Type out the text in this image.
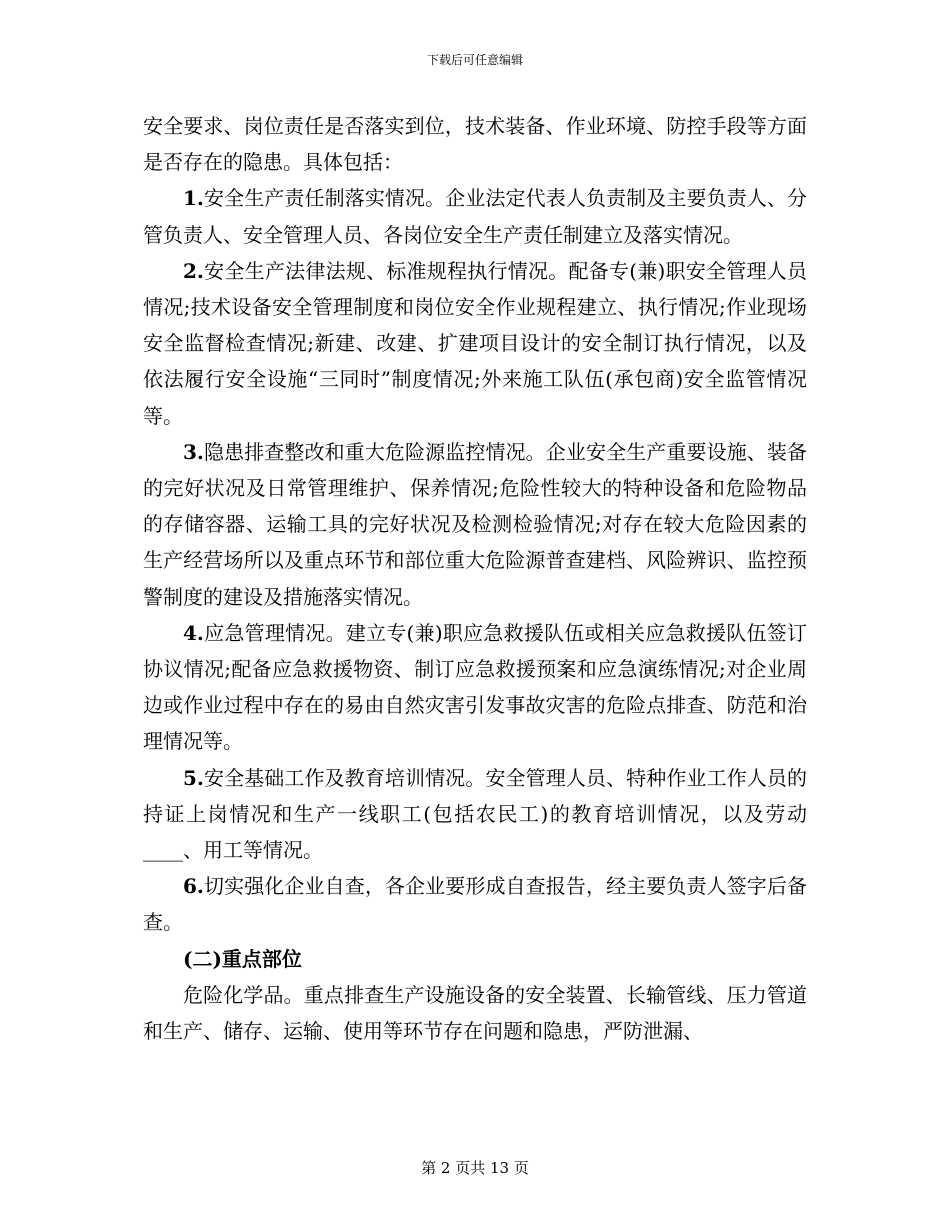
下载后可任意编辑

安全要求、岗位责任是否落实到位，技术装备、作业环境、防控手段等方面是否存在的隐患。具体包括：

1.安全生产责任制落实情况。企业法定代表人负责制及主要负责人、分管负责人、安全管理人员、各岗位安全生产责任制建立及落实情况。

2.安全生产法律法规、标准规程执行情况。配备专(兼)职安全管理人员情况;技术设备安全管理制度和岗位安全作业规程建立、执行情况;作业现场安全监督检查情况;新建、改建、扩建项目设计的安全制订执行情况，以及依法履行安全设施“三同时”制度情况;外来施工队伍(承包商)安全监管情况等。

3.隐患排查整改和重大危险源监控情况。企业安全生产重要设施、装备的完好状况及日常管理维护、保养情况;危险性较大的特种设备和危险物品的存储容器、运输工具的完好状况及检测检验情况;对存在较大危险因素的生产经营场所以及重点环节和部位重大危险源普查建档、风险辨识、监控预警制度的建设及措施落实情况。

4.应急管理情况。建立专(兼)职应急救援队伍或相关应急救援队伍签订协议情况;配备应急救援物资、制订应急救援预案和应急演练情况;对企业周边或作业过程中存在的易由自然灾害引发事故灾害的危险点排查、防范和治理情况等。

5.安全基础工作及教育培训情况。安全管理人员、特种作业工作人员的持证上岗情况和生产一线职工(包括农民工)的教育培训情况，以及劳动____、用工等情况。

6.切实强化企业自查，各企业要形成自查报告，经主要负责人签字后备查。

(二)重点部位

危险化学品。重点排查生产设施设备的安全装置、长输管线、压力管道和生产、储存、运输、使用等环节存在问题和隐患，严防泄漏、

第 2 页共 13 页
